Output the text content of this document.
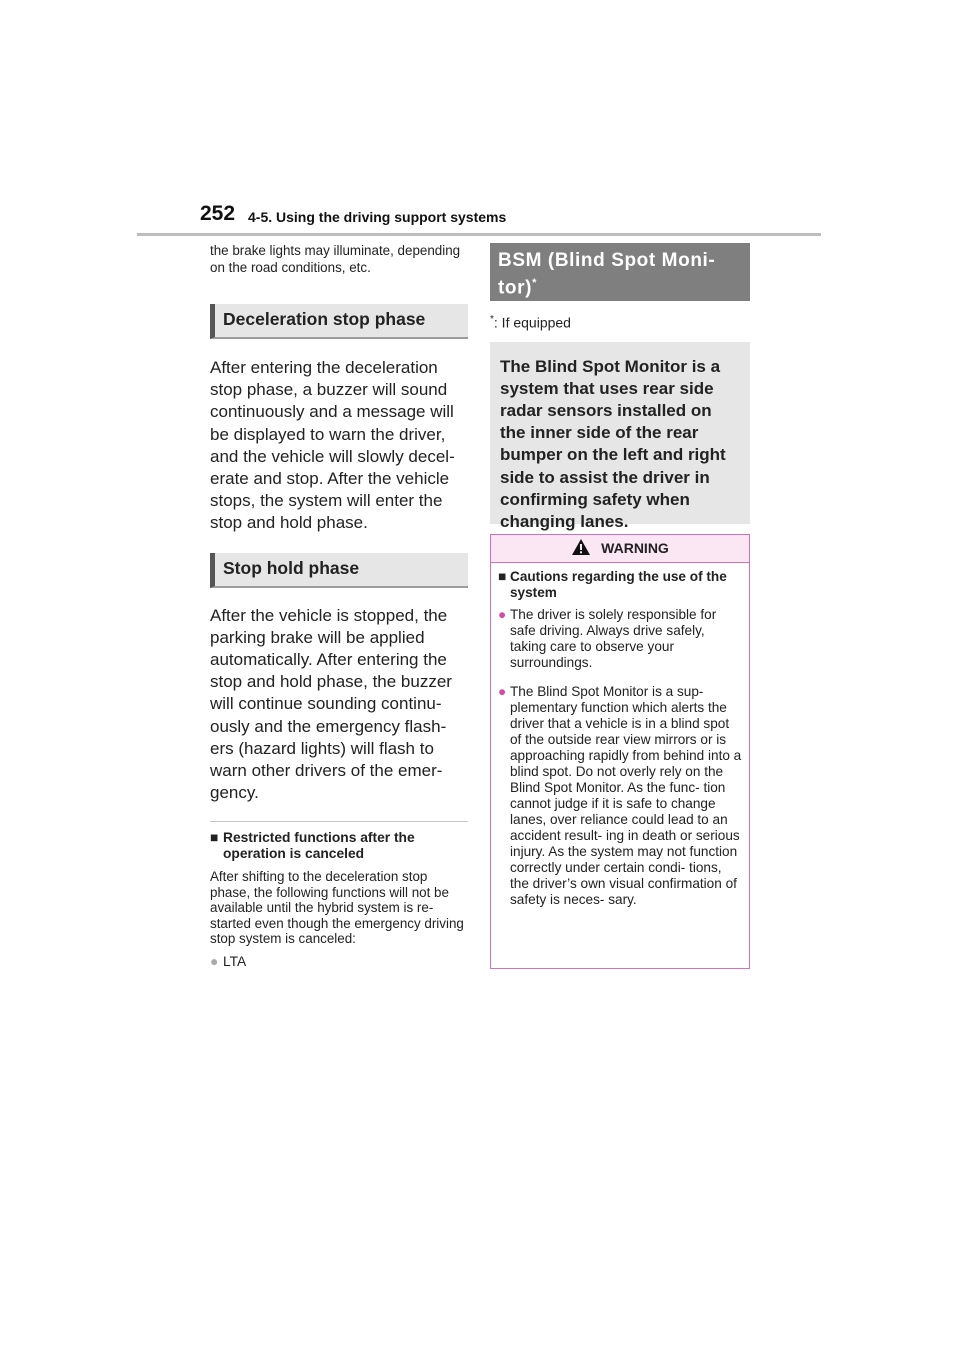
252 4-5. Using the driving support systems

the brake lights may illuminate, depending on the road conditions, etc.

Deceleration stop phase

After entering the deceleration stop phase, a buzzer will sound continuously and a message will be displayed to warn the driver, and the vehicle will slowly decel- erate and stop. After the vehicle stops, the system will enter the stop and hold phase.

Stop hold phase

After the vehicle is stopped, the parking brake will be applied automatically. After entering the stop and hold phase, the buzzer will continue sounding continu- ously and the emergency flash- ers (hazard lights) will flash to warn other drivers of the emer- gency.

■ Restricted functions after the operation is canceled

After shifting to the deceleration stop phase, the following functions will not be available until the hybrid system is re-started even though the emergency driving stop system is canceled:

● LTA
BSM (Blind Spot Moni- tor)*

*: If equipped

The Blind Spot Monitor is a system that uses rear side radar sensors installed on the inner side of the rear bumper on the left and right side to assist the driver in confirming safety when changing lanes.
WARNING
■ Cautions regarding the use of the system
● The driver is solely responsible for safe driving. Always drive safely, taking care to observe your surroundings.
● The Blind Spot Monitor is a sup- plementary function which alerts the driver that a vehicle is in a blind spot of the outside rear view mirrors or is approaching rapidly from behind into a blind spot. Do not overly rely on the Blind Spot Monitor. As the func- tion cannot judge if it is safe to change lanes, over reliance could lead to an accident result- ing in death or serious injury. As the system may not function correctly under certain condi- tions, the driver’s own visual confirmation of safety is neces- sary.
